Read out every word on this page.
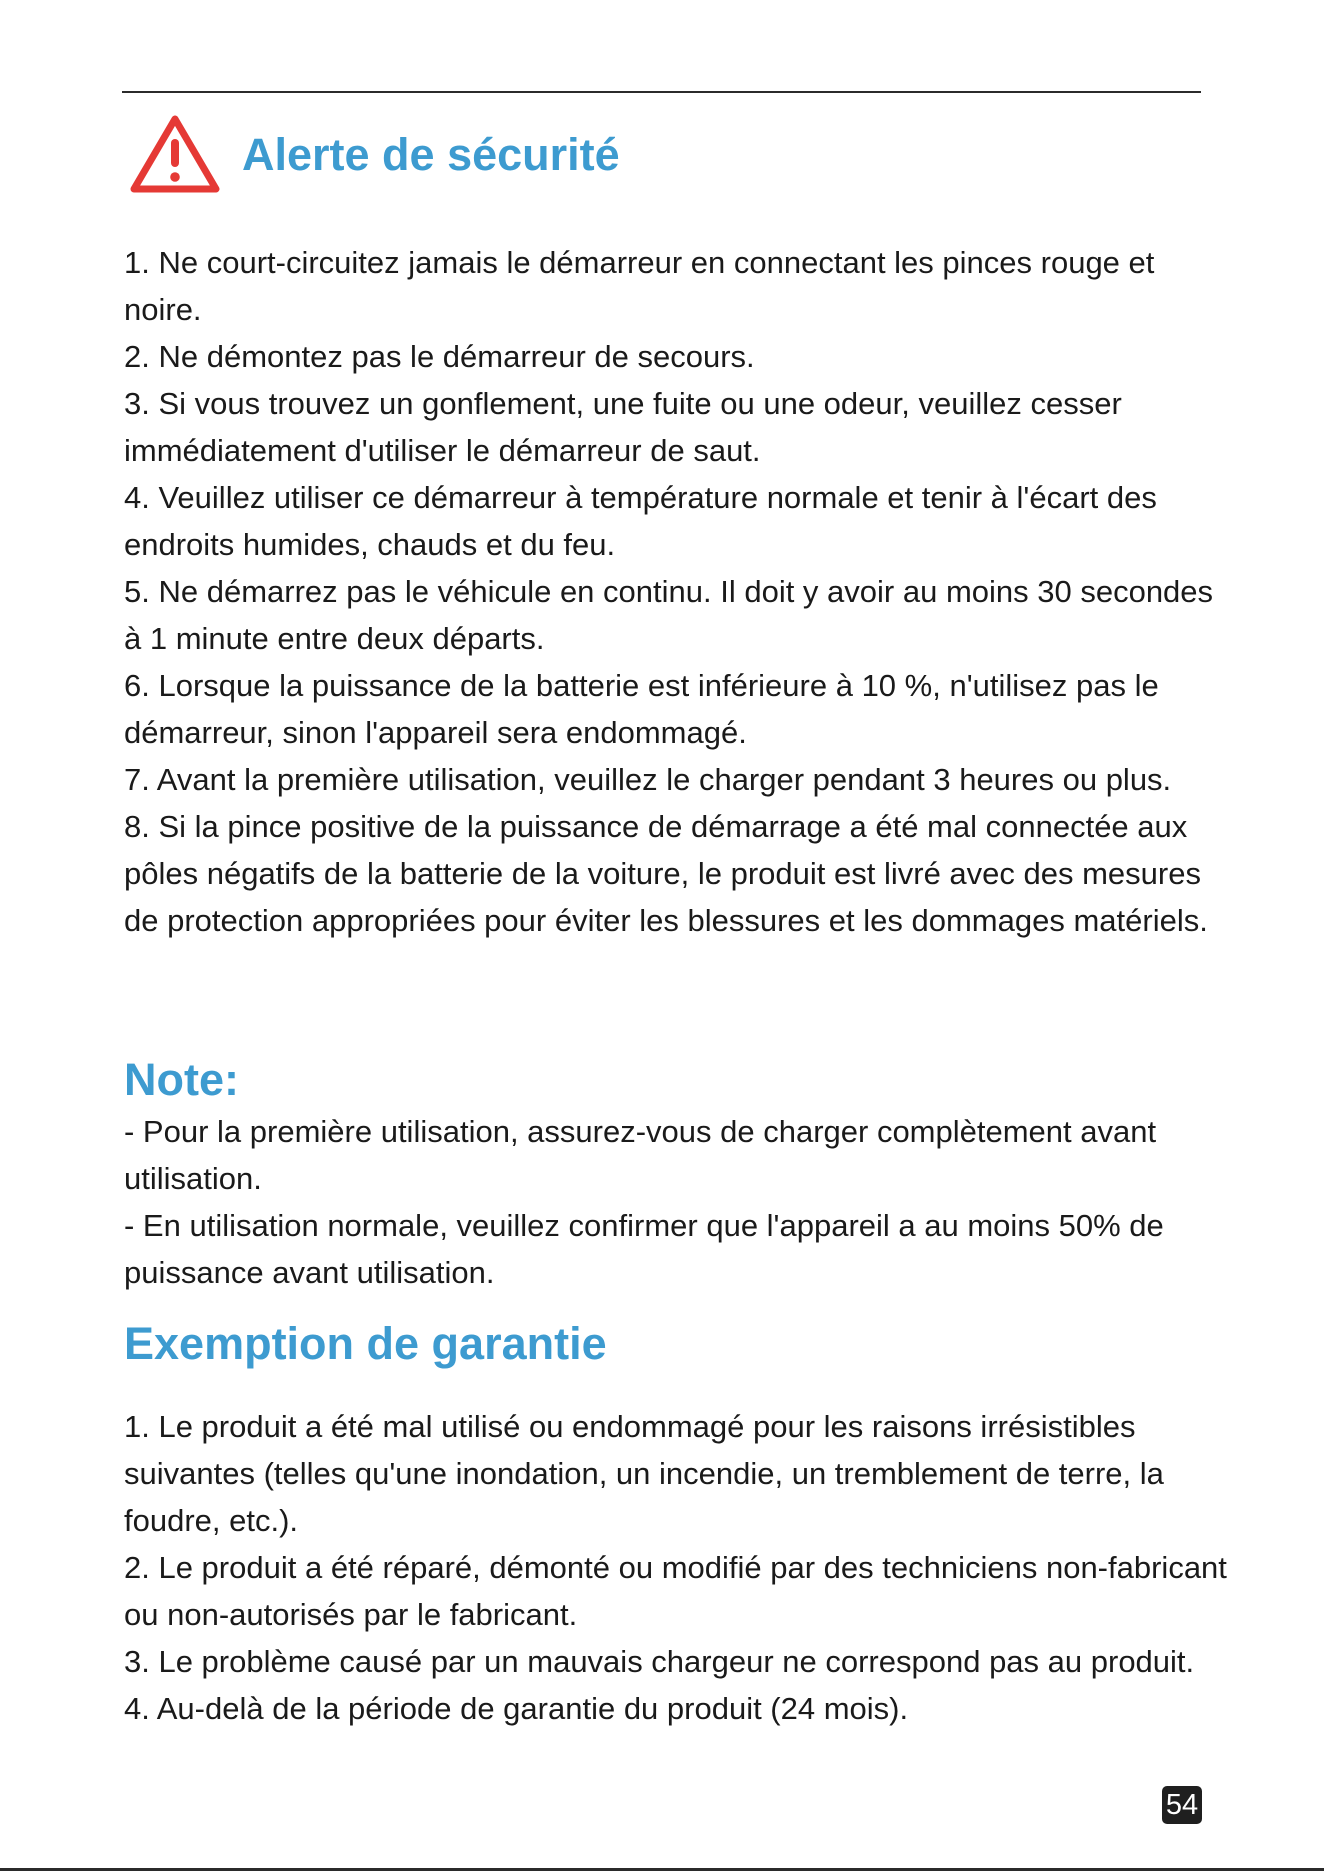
Alerte de sécurité

1. Ne court-circuitez jamais le démarreur en connectant les pinces rouge et noire.

2. Ne démontez pas le démarreur de secours.

3. Si vous trouvez un gonflement, une fuite ou une odeur, veuillez cesser immédiatement d'utiliser le démarreur de saut.

4. Veuillez utiliser ce démarreur à température normale et tenir à l'écart des endroits humides, chauds et du feu.

5. Ne démarrez pas le véhicule en continu. Il doit y avoir au moins 30 secondes à 1 minute entre deux départs.

6. Lorsque la puissance de la batterie est inférieure à 10 %, n'utilisez pas le démarreur, sinon l'appareil sera endommagé.

7. Avant la première utilisation, veuillez le charger pendant 3 heures ou plus.

8. Si la pince positive de la puissance de démarrage a été mal connectée aux pôles négatifs de la batterie de la voiture, le produit est livré avec des mesures de protection appropriées pour éviter les blessures et les dommages matériels.

Note:

- Pour la première utilisation, assurez-vous de charger complètement avant utilisation.

- En utilisation normale, veuillez confirmer que l'appareil a au moins 50% de puissance avant utilisation.

Exemption de garantie

1. Le produit a été mal utilisé ou endommagé pour les raisons irrésistibles suivantes (telles qu'une inondation, un incendie, un tremblement de terre, la foudre, etc.).

2. Le produit a été réparé, démonté ou modifié par des techniciens non-fabricant ou non-autorisés par le fabricant.

3. Le problème causé par un mauvais chargeur ne correspond pas au produit.

4. Au-delà de la période de garantie du produit (24 mois).

54
